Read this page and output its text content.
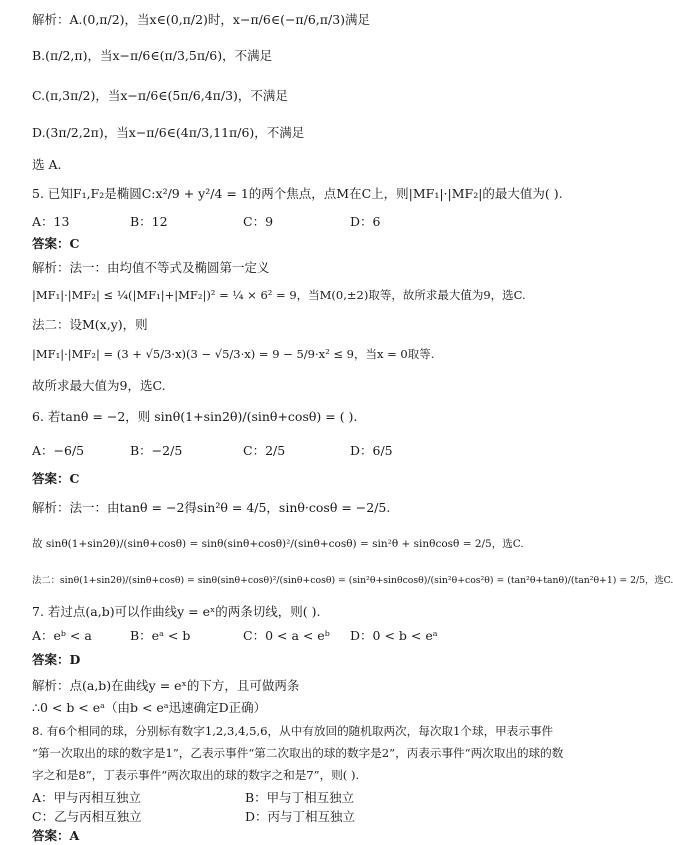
解析：A.(0,π/2)，当x∈(0,π/2)时，x−π/6∈(−π/6,π/3)满足
B.(π/2,π)，当x−π/6∈(π/3,5π/6)，不满足
C.(π,3π/2)，当x−π/6∈(5π/6,4π/3)，不满足
D.(3π/2,2π)，当x−π/6∈(4π/3,11π/6)，不满足
选 A.
5. 已知F₁,F₂是椭圆C:x²/9 + y²/4 = 1的两个焦点，点M在C上，则|MF₁|·|MF₂|的最大值为( ).
A：13	B：12	C：9	D：6
答案：C
解析：法一：由均值不等式及椭圆第一定义
|MF₁|·|MF₂| ≤ ¼(|MF₁|+|MF₂|)² = ¼ × 6² = 9，当M(0,±2)取等，故所求最大值为9，选C.
法二：设M(x,y)，则
|MF₁|·|MF₂| = (3 + √5/3·x)(3 − √5/3·x) = 9 − 5/9·x² ≤ 9，当x = 0取等.
故所求最大值为9，选C.
6. 若tanθ = −2，则 sinθ(1+sin2θ)/(sinθ+cosθ) = ( ).
A：−6/5	B：−2/5	C：2/5	D：6/5
答案：C
解析：法一：由tanθ = −2得sin²θ = 4/5，sinθ·cosθ = −2/5.
故 sinθ(1+sin2θ)/(sinθ+cosθ) = sinθ(sinθ+cosθ)²/(sinθ+cosθ) = sin²θ + sinθcosθ = 2/5，选C.
法二：sinθ(1+sin2θ)/(sinθ+cosθ) = sinθ(sinθ+cosθ)²/(sinθ+cosθ) = (sin²θ+sinθcosθ)/(sin²θ+cos²θ) = (tan²θ+tanθ)/(tan²θ+1) = 2/5，选C.
7. 若过点(a,b)可以作曲线y = eˣ的两条切线，则( ).
A：eᵇ < a	B：eᵃ < b	C：0 < a < eᵇ D：0 < b < eᵃ
答案：D
解析：点(a,b)在曲线y = eˣ的下方，且可做两条
∴0 < b < eᵃ（由b < eᵃ迅速确定D正确）
8. 有6个相同的球，分别标有数字1,2,3,4,5,6，从中有放回的随机取两次，每次取1个球，甲表示事件
“第一次取出的球的数字是1”，乙表示事件“第二次取出的球的数字是2”，丙表示事件“两次取出的球的数
字之和是8”，丁表示事件“两次取出的球的数字之和是7”，则( ).
A：甲与丙相互独立	B：甲与丁相互独立
C：乙与丙相互独立	D：丙与丁相互独立
答案：A
